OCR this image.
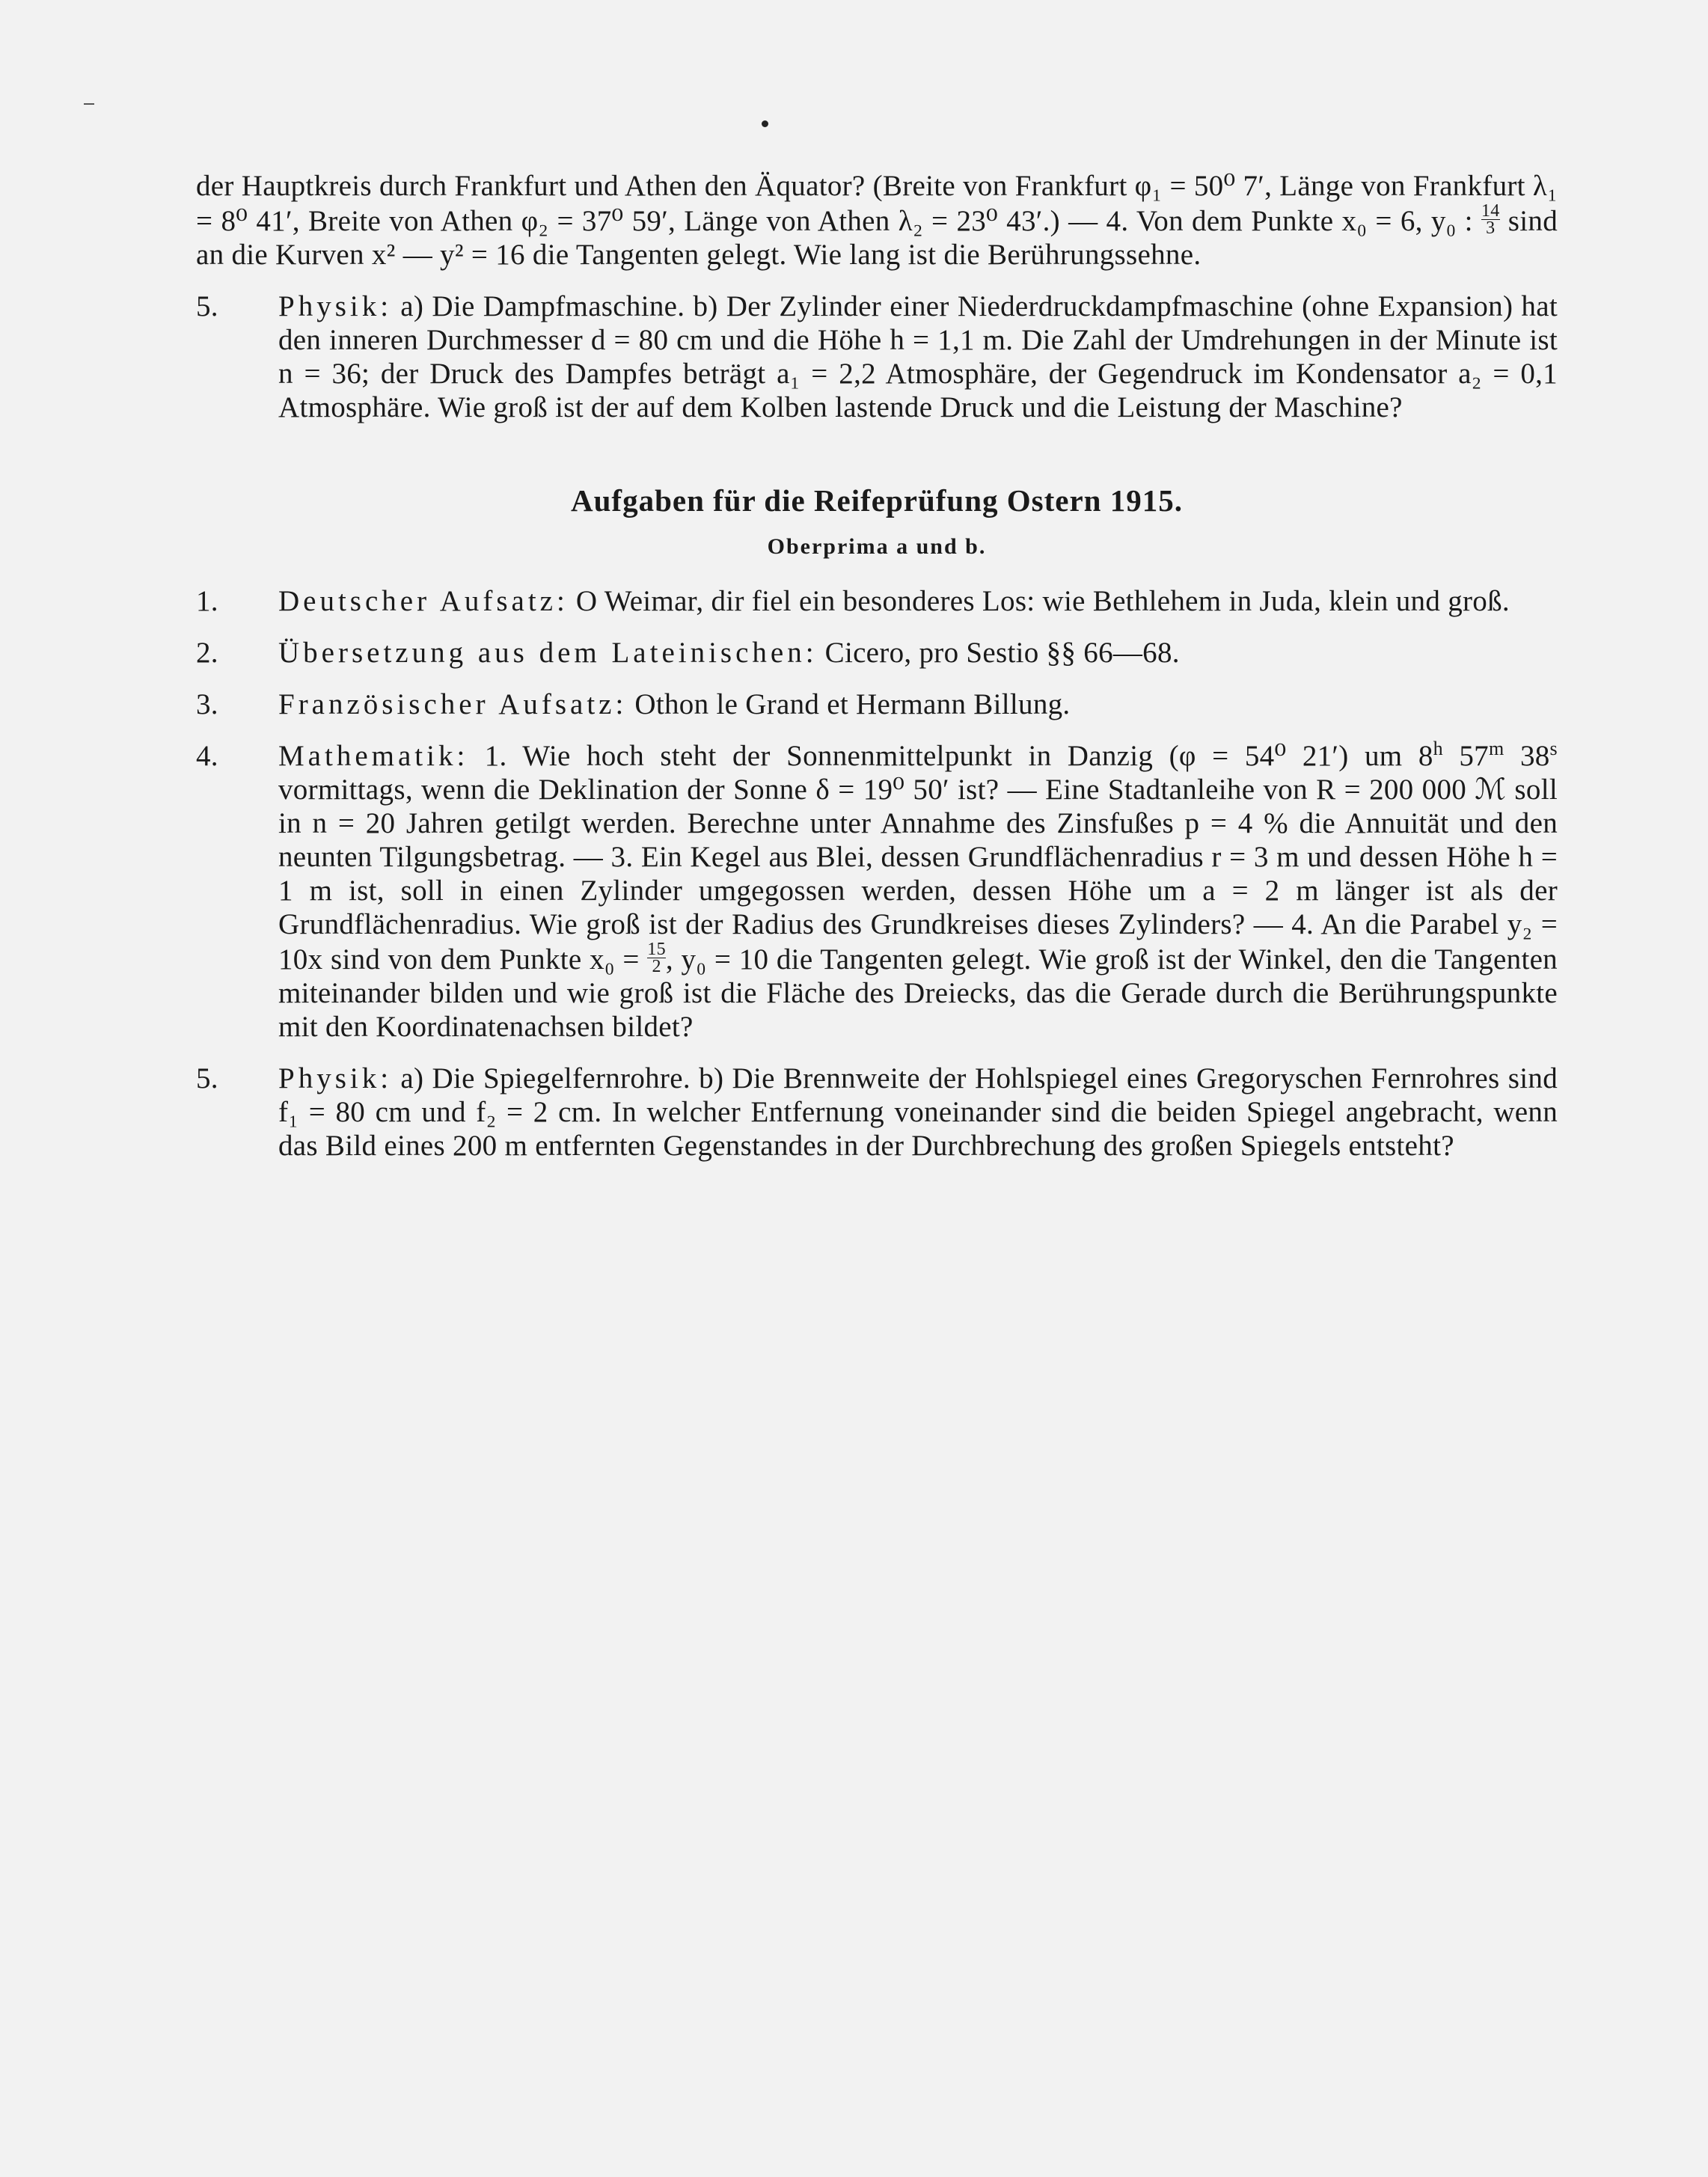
der Hauptkreis durch Frankfurt und Athen den Äquator? (Breite von Frankfurt φ₁ = 50⁰ 7′, Länge von Frankfurt λ₁ = 8⁰ 41′, Breite von Athen φ₂ = 37⁰ 59′, Länge von Athen λ₂ = 23⁰ 43′.) — 4. Von dem Punkte x₀ = 6, y₀ : $\frac{14}{3}$ sind an die Kurven x² — y² = 16 die Tangenten gelegt. Wie lang ist die Berührungssehne.
5.	Physik: a) Die Dampfmaschine. b) Der Zylinder einer Niederdruckdampfmaschine (ohne Expansion) hat den inneren Durchmesser d = 80 cm und die Höhe h = 1,1 m. Die Zahl der Umdrehungen in der Minute ist n = 36; der Druck des Dampfes beträgt a₁ = 2,2 Atmosphäre, der Gegendruck im Kondensator a₂ = 0,1 Atmosphäre. Wie groß ist der auf dem Kolben lastende Druck und die Leistung der Maschine?
Aufgaben für die Reifeprüfung Ostern 1915.
Oberprima a und b.
1.	Deutscher Aufsatz: O Weimar, dir fiel ein besonderes Los: wie Bethlehem in Juda, klein und groß.
2.	Übersetzung aus dem Lateinischen: Cicero, pro Sestio §§ 66—68.
3.	Französischer Aufsatz: Othon le Grand et Hermann Billung.
4.	Mathematik: 1. Wie hoch steht der Sonnenmittelpunkt in Danzig (φ = 54⁰ 21′) um 8$^h$ 57$^m$ 38$^s$ vormittags, wenn die Deklination der Sonne δ = 19⁰ 50′ ist? — Eine Stadtanleihe von R = 200 000 ℳ soll in n = 20 Jahren getilgt werden. Berechne unter Annahme des Zinsfußes p = 4 % die Annuität und den neunten Tilgungsbetrag. — 3. Ein Kegel aus Blei, dessen Grundflächenradius r = 3 m und dessen Höhe h = 1 m ist, soll in einen Zylinder umgegossen werden, dessen Höhe um a = 2 m länger ist als der Grundflächenradius. Wie groß ist der Radius des Grundkreises dieses Zylinders? — 4. An die Parabel y₂ = 10x sind von dem Punkte $x_0 = \frac{15}{2}$ , y₀ = 10 die Tangenten gelegt. Wie groß ist der Winkel, den die Tangenten miteinander bilden und wie groß ist die Fläche des Dreiecks, das die Gerade durch die Berührungspunkte mit den Koordinatenachsen bildet?
5.	Physik: a) Die Spiegelfernrohre. b) Die Brennweite der Hohlspiegel eines Gregoryschen Fernrohres sind f₁ = 80 cm und f₂ = 2 cm. In welcher Entfernung voneinander sind die beiden Spiegel angebracht, wenn das Bild eines 200 m entfernten Gegenstandes in der Durchbrechung des großen Spiegels entsteht?
